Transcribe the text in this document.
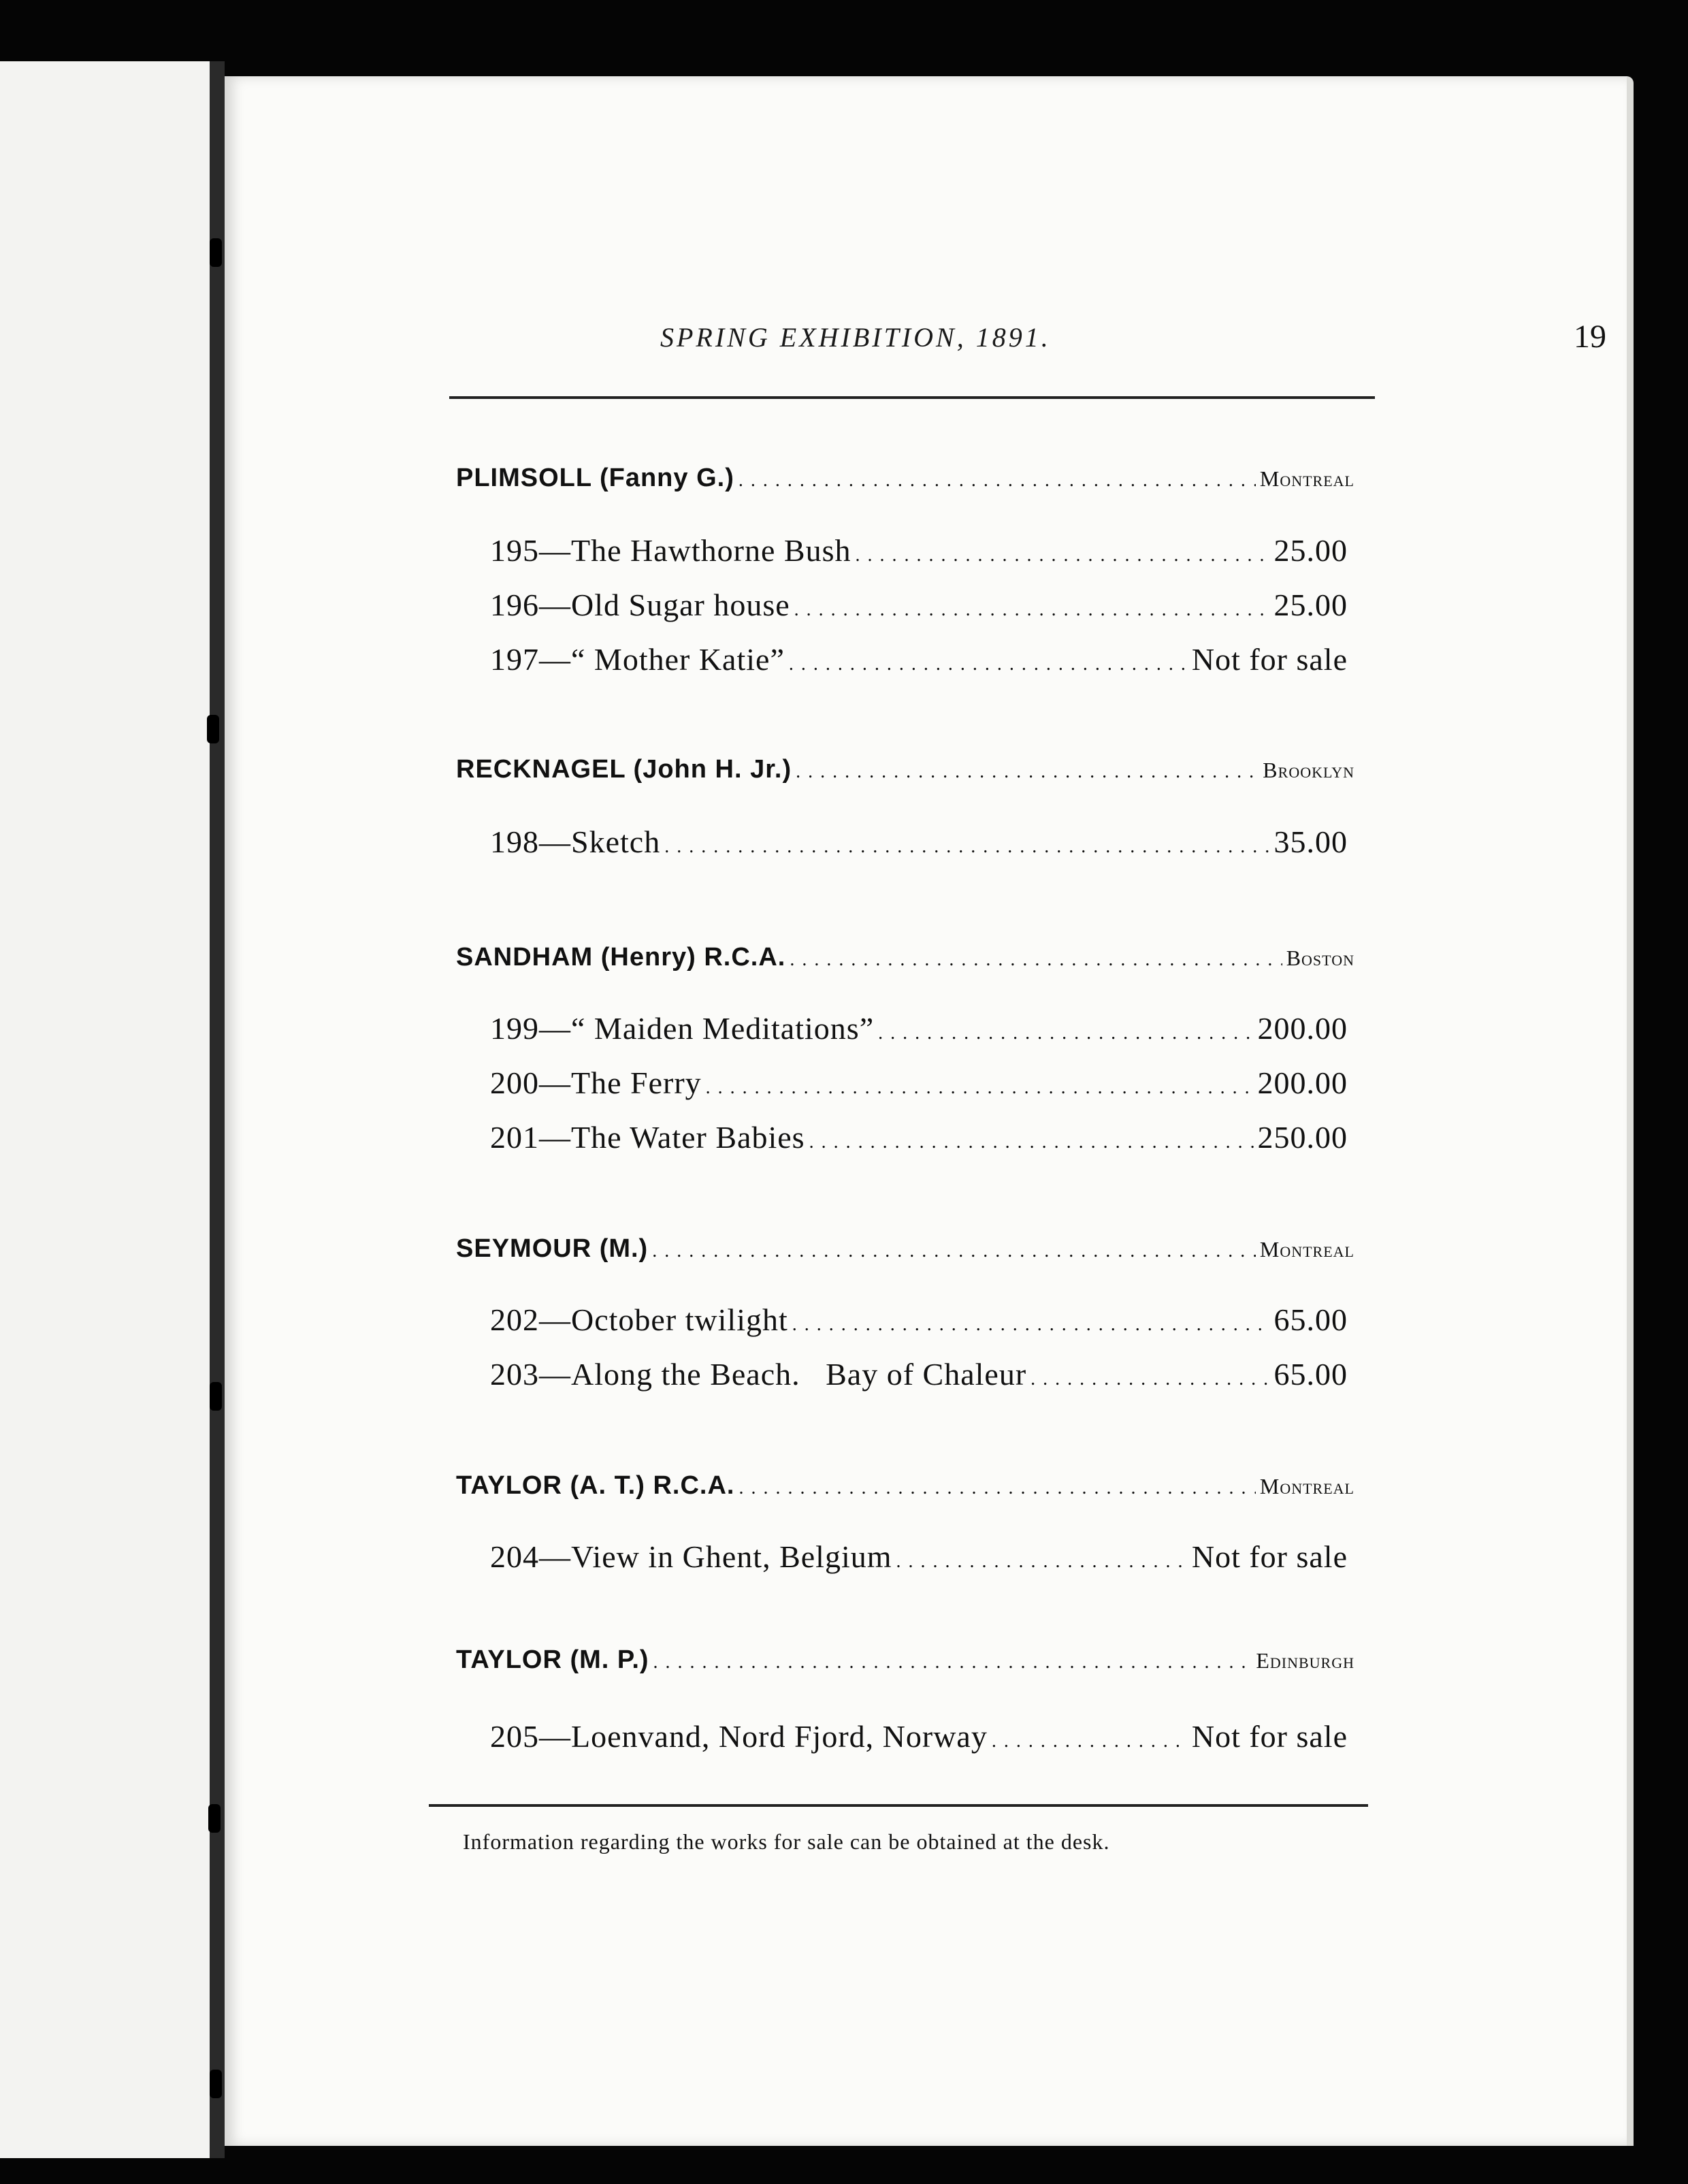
SPRING EXHIBITION, 1891.	19
PLIMSOLL (Fanny G.) . . .	Montreal
195—The Hawthorne Bush . . .	25.00
196—Old Sugar house . . .	25.00
197—“ Mother Katie” . . .	Not for sale
RECKNAGEL (John H. Jr.) . . .	Brooklyn
198—Sketch . . .	35.00
SANDHAM (Henry) R.C.A. . . .	Boston
199—“ Maiden Meditations” . . .	200.00
200—The Ferry . . .	200.00
201—The Water Babies . . .	250.00
SEYMOUR (M.) . . .	Montreal
202—October twilight . . .	65.00
203—Along the Beach.   Bay of Chaleur . . .	65.00
TAYLOR (A. T.) R.C.A. . . .	Montreal
204—View in Ghent, Belgium . . .	Not for sale
TAYLOR (M. P.) . . .	Edinburgh
205—Loenvand, Nord Fjord, Norway . . .	Not for sale
Information regarding the works for sale can be obtained at the desk.
